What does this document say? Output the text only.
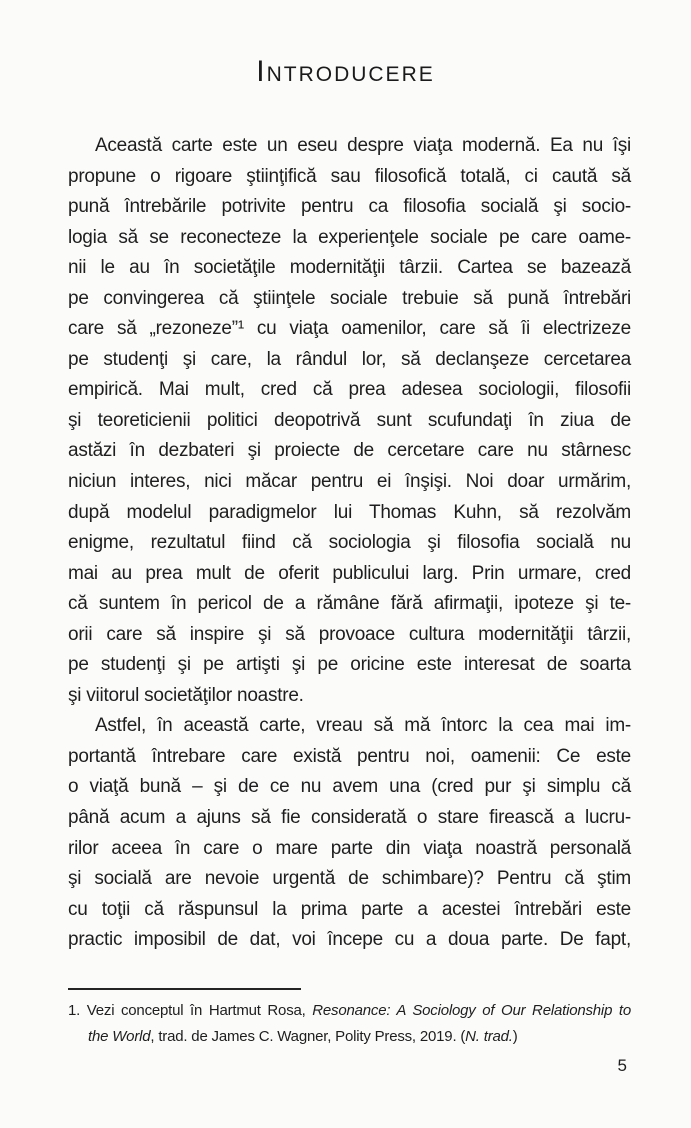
Introducere
Această carte este un eseu despre viaţa modernă. Ea nu îşi
propune o rigoare ştiinţifică sau filosofică totală, ci caută să
pună întrebările potrivite pentru ca filosofia socială şi socio-
logia să se reconecteze la experienţele sociale pe care oame-
nii le au în societăţile modernităţii târzii. Cartea se bazează
pe convingerea că ştiinţele sociale trebuie să pună întrebări
care să „rezoneze”¹ cu viaţa oamenilor, care să îi electrizeze
pe studenţi şi care, la rândul lor, să declanşeze cercetarea
empirică. Mai mult, cred că prea adesea sociologii, filosofii
şi teoreticienii politici deopotrivă sunt scufundaţi în ziua de
astăzi în dezbateri şi proiecte de cercetare care nu stârnesc
niciun interes, nici măcar pentru ei înşişi. Noi doar urmărim,
după modelul paradigmelor lui Thomas Kuhn, să rezolvăm
enigme, rezultatul fiind că sociologia şi filosofia socială nu
mai au prea mult de oferit publicului larg. Prin urmare, cred
că suntem în pericol de a rămâne fără afirmaţii, ipoteze şi te-
orii care să inspire şi să provoace cultura modernităţii târzii,
pe studenţi şi pe artişti şi pe oricine este interesat de soarta
şi viitorul societăţilor noastre.
Astfel, în această carte, vreau să mă întorc la cea mai im-
portantă întrebare care există pentru noi, oamenii: Ce este
o viaţă bună – şi de ce nu avem una (cred pur şi simplu că
până acum a ajuns să fie considerată o stare firească a lucru-
rilor aceea în care o mare parte din viaţa noastră personală
şi socială are nevoie urgentă de schimbare)? Pentru că ştim
cu toţii că răspunsul la prima parte a acestei întrebări este
practic imposibil de dat, voi începe cu a doua parte. De fapt,
1. Vezi conceptul în Hartmut Rosa, Resonance: A Sociology of Our Relationship to
the World, trad. de James C. Wagner, Polity Press, 2019. (N. trad.)
5
